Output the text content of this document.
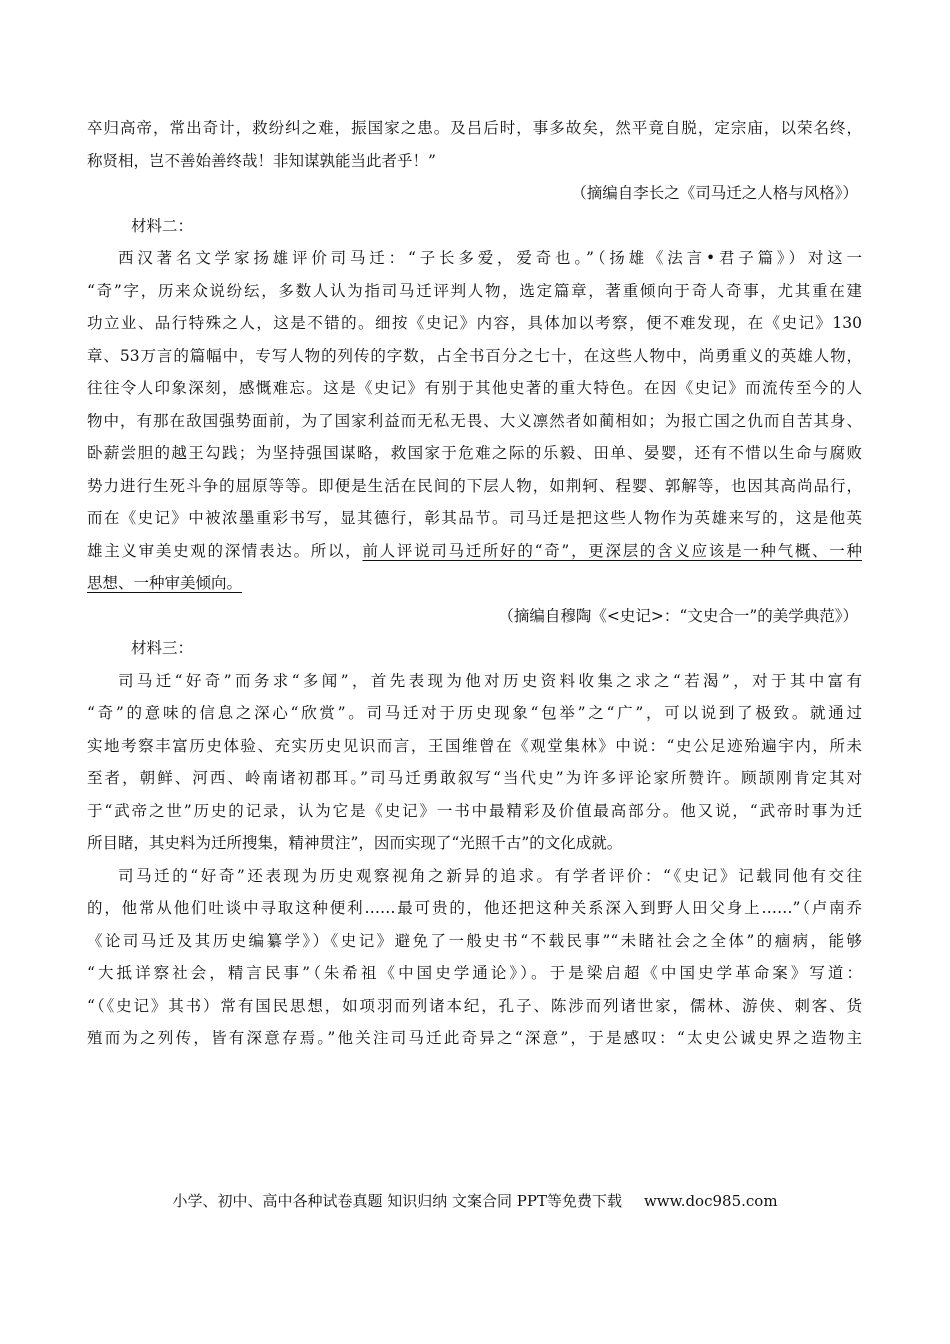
卒归高帝，常出奇计，救纷纠之难，振国家之患。及吕后时，事多故矣，然平竟自脱，定宗庙，以荣名终，
称贤相，岂不善始善终哉！非知谋孰能当此者乎！”
（摘编自李长之《司马迁之人格与风格》）
材料二：
西汉著名文学家扬雄评价司马迁：“子长多爱，爱奇也。”（扬雄《法言•君子篇》）对这一
“奇”字，历来众说纷纭，多数人认为指司马迁评判人物，选定篇章，著重倾向于奇人奇事，尤其重在建
功立业、品行特殊之人，这是不错的。细按《史记》内容，具体加以考察，便不难发现，在《史记》130
章、53万言的篇幅中，专写人物的列传的字数，占全书百分之七十，在这些人物中，尚勇重义的英雄人物，
往往令人印象深刻，感慨难忘。这是《史记》有别于其他史著的重大特色。在因《史记》而流传至今的人
物中，有那在敌国强势面前，为了国家利益而无私无畏、大义凛然者如蔺相如；为报亡国之仇而自苦其身、
卧薪尝胆的越王勾践；为坚持强国谋略，救国家于危难之际的乐毅、田单、晏婴，还有不惜以生命与腐败
势力进行生死斗争的屈原等等。即便是生活在民间的下层人物，如荆轲、程婴、郭解等，也因其高尚品行，
而在《史记》中被浓墨重彩书写，显其德行，彰其品节。司马迁是把这些人物作为英雄来写的，这是他英
雄主义审美史观的深情表达。所以，前人评说司马迁所好的“奇”，更深层的含义应该是一种气概、一种
思想、一种审美倾向。
（摘编自穆陶《<史记>：“文史合一”的美学典范》）
材料三：
司马迁“好奇”而务求“多闻”，首先表现为他对历史资料收集之求之“若渴”，对于其中富有
“奇”的意味的信息之深心“欣赏”。司马迁对于历史现象“包举”之“广”，可以说到了极致。就通过
实地考察丰富历史体验、充实历史见识而言，王国维曾在《观堂集林》中说：“史公足迹殆遍宇内，所未
至者，朝鲜、河西、岭南诸初郡耳。”司马迁勇敢叙写“当代史”为许多评论家所赞许。顾颉刚肯定其对
于“武帝之世”历史的记录，认为它是《史记》一书中最精彩及价值最高部分。他又说，“武帝时事为迁
所目睹，其史料为迁所搜集，精神贯注”，因而实现了“光照千古”的文化成就。
司马迁的“好奇”还表现为历史观察视角之新异的追求。有学者评价：“《史记》记载同他有交往
的，他常从他们吐谈中寻取这种便利……最可贵的，他还把这种关系深入到野人田父身上……”（卢南乔
《论司马迁及其历史编纂学》）《史记》避免了一般史书“不载民事”“未睹社会之全体”的痼病，能够
“大抵详察社会，精言民事”（朱希祖《中国史学通论》）。于是梁启超《中国史学革命案》写道：
“（《史记》其书）常有国民思想，如项羽而列诸本纪，孔子、陈涉而列诸世家，儒林、游侠、刺客、货
殖而为之列传，皆有深意存焉。”他关注司马迁此奇异之“深意”，于是感叹：“太史公诚史界之造物主
小学、初中、高中各种试卷真题 知识归纳 文案合同 PPT等免费下载 www.doc985.com
